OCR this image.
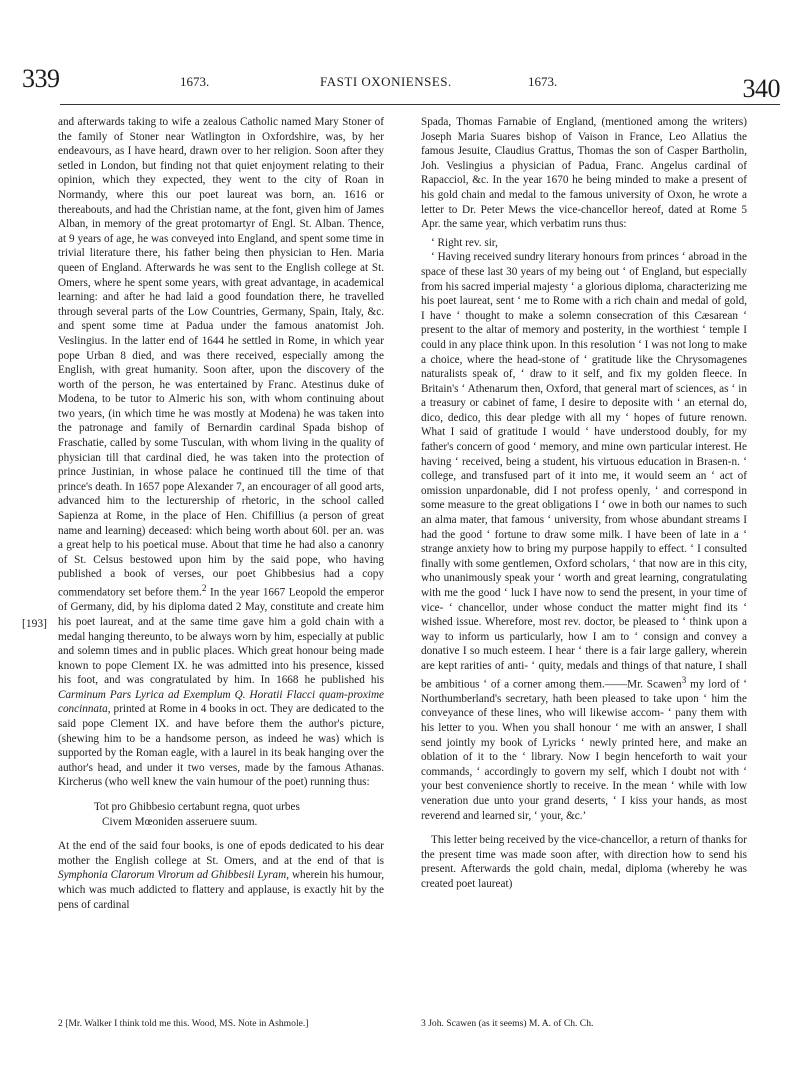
339	1673.	FASTI OXONIENSES.	1673.	340
[193]

and afterwards taking to wife a zealous Catholic named Mary Stoner of the family of Stoner near Watlington in Oxfordshire, was, by her endeavours, as I have heard, drawn over to her religion. Soon after they setled in London, but finding not that quiet enjoyment relating to their opinion, which they expected, they went to the city of Roan in Normandy, where this our poet laureat was born, an. 1616 or thereabouts, and had the Christian name, at the font, given him of James Alban, in memory of the great protomartyr of Engl. St. Alban. Thence, at 9 years of age, he was conveyed into England, and spent some time in trivial literature there, his father being then physician to Hen. Maria queen of England. Afterwards he was sent to the English college at St. Omers, where he spent some years, with great advantage, in academical learning: and after he had laid a good foundation there, he travelled through several parts of the Low Countries, Germany, Spain, Italy, &c. and spent some time at Padua under the famous anatomist Joh. Veslingius. In the latter end of 1644 he settled in Rome, in which year pope Urban 8 died, and was there received, especially among the English, with great humanity. Soon after, upon the discovery of the worth of the person, he was entertained by Franc. Atestinus duke of Modena, to be tutor to Almeric his son, with whom continuing about two years, (in which time he was mostly at Modena) he was taken into the patronage and family of Bernardin cardinal Spada bishop of Fraschatie, called by some Tusculan, with whom living in the quality of physician till that cardinal died, he was taken into the protection of prince Justinian, in whose palace he continued till the time of that prince's death. In 1657 pope Alexander 7, an encourager of all good arts, advanced him to the lecturership of rhetoric, in the school called Sapienza at Rome, in the place of Hen. Chifillius (a person of great name and learning) deceased: which being worth about 60l. per an. was a great help to his poetical muse. About that time he had also a canonry of St. Celsus bestowed upon him by the said pope, who having published a book of verses, our poet Ghibbesius had a copy commendatory set before them.$^2$ In the year 1667 Leopold the emperor of Germany, did, by his diploma dated 2 May, constitute and create him his poet laureat, and at the same time gave him a gold chain with a medal hanging thereunto, to be always worn by him, especially at public and solemn times and in public places. Which great honour being made known to pope Clement IX. he was admitted into his presence, kissed his foot, and was congratulated by him. In 1668 he published his Carminum Pars Lyrica ad Exemplum Q. Horatii Flacci quam-proxime concinnata, printed at Rome in 4 books in oct. They are dedicated to the said pope Clement IX. and have before them the author's picture, (shewing him to be a handsome person, as indeed he was) which is supported by the Roman eagle, with a laurel in its beak hanging over the author's head, and under it two verses, made by the famous Athanas. Kircherus (who well knew the vain humour of the poet) running thus:

Tot pro Ghibbesio certabunt regna, quot urbes
Civem Mœoniden asseruere suum.

At the end of the said four books, is one of epods dedicated to his dear mother the English college at St. Omers, and at the end of that is Symphonia Clarorum Virorum ad Ghibbesii Lyram, wherein his humour, which was much addicted to flattery and applause, is exactly hit by the pens of cardinal

Spada, Thomas Farnabie of England, (mentioned among the writers) Joseph Maria Suares bishop of Vaison in France, Leo Allatius the famous Jesuite, Claudius Grattus, Thomas the son of Casper Bartholin, Joh. Veslingius a physician of Padua, Franc. Angelus cardinal of Rapacciol, &c. In the year 1670 he being minded to make a present of his gold chain and medal to the famous university of Oxon, he wrote a letter to Dr. Peter Mews the vice-chancellor hereof, dated at Rome 5 Apr. the same year, which verbatim runs thus:

‘ Right rev. sir,

‘ Having received sundry literary honours from princes ‘ abroad in the space of these last 30 years of my being out ‘ of England, but especially from his sacred imperial majesty ‘ a glorious diploma, characterizing me his poet laureat, sent ‘ me to Rome with a rich chain and medal of gold, I have ‘ thought to make a solemn consecration of this Cæsarean ‘ present to the altar of memory and posterity, in the worthiest ‘ temple I could in any place think upon. In this resolution ‘ I was not long to make a choice, where the head-stone of ‘ gratitude like the Chrysomagenes naturalists speak of, ‘ draw to it self, and fix my golden fleece. In Britain's ‘ Athenarum then, Oxford, that general mart of sciences, as ‘ in a treasury or cabinet of fame, I desire to deposite with ‘ an eternal do, dico, dedico, this dear pledge with all my ‘ hopes of future renown. What I said of gratitude I would ‘ have understood doubly, for my father's concern of good ‘ memory, and mine own particular interest. He having ‘ received, being a student, his virtuous education in Brasen-n. ‘ college, and transfused part of it into me, it would seem an ‘ act of omission unpardonable, did I not profess openly, ‘ and correspond in some measure to the great obligations I ‘ owe in both our names to such an alma mater, that famous ‘ university, from whose abundant streams I had the good ‘ fortune to draw some milk. I have been of late in a ‘ strange anxiety how to bring my purpose happily to effect. ‘ I consulted finally with some gentlemen, Oxford scholars, ‘ that now are in this city, who unanimously speak your ‘ worth and great learning, congratulating with me the good ‘ luck I have now to send the present, in your time of vice- ‘ chancellor, under whose conduct the matter might find its ‘ wished issue. Wherefore, most rev. doctor, be pleased to ‘ think upon a way to inform us particularly, how I am to ‘ consign and convey a donative I so much esteem. I hear ‘ there is a fair large gallery, wherein are kept rarities of anti- ‘ quity, medals and things of that nature, I shall be ambitious ‘ of a corner among them.——Mr. Scawen$^3$ my lord of ‘ Northumberland's secretary, hath been pleased to take upon ‘ him the conveyance of these lines, who will likewise accom- ‘ pany them with his letter to you. When you shall honour ‘ me with an answer, I shall send jointly my book of Lyricks ‘ newly printed here, and make an oblation of it to the ‘ library. Now I begin henceforth to wait your commands, ‘ accordingly to govern my self, which I doubt not with ‘ your best convenience shortly to receive. In the mean ‘ while with low veneration due unto your grand deserts, ‘ I kiss your hands, as most reverend and learned sir, ‘ your, &c.’

This letter being received by the vice-chancellor, a return of thanks for the present time was made soon after, with direction how to send his present. Afterwards the gold chain, medal, diploma (whereby he was created poet laureat)

2 [Mr. Walker I think told me this. Wood, MS. Note in Ashmole.]	3 Joh. Scawen (as it seems) M. A. of Ch. Ch.
